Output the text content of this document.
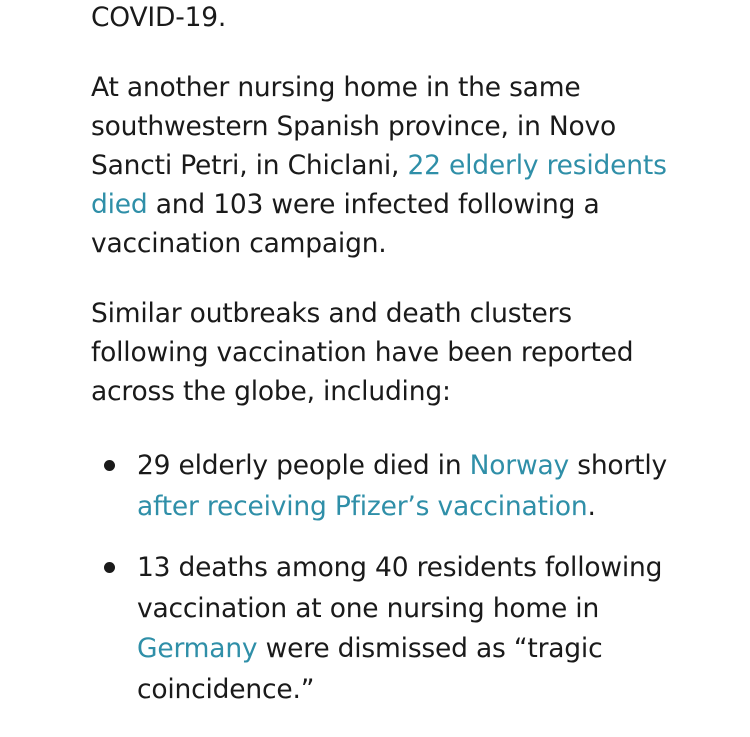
COVID-19.

At another nursing home in the same southwestern Spanish province, in Novo Sancti Petri, in Chiclani, 22 elderly residents died and 103 were infected following a vaccination campaign.

Similar outbreaks and death clusters following vaccination have been reported across the globe, including:

29 elderly people died in Norway shortly after receiving Pfizer’s vaccination.
13 deaths among 40 residents following vaccination at one nursing home in Germany were dismissed as “tragic coincidence.”
